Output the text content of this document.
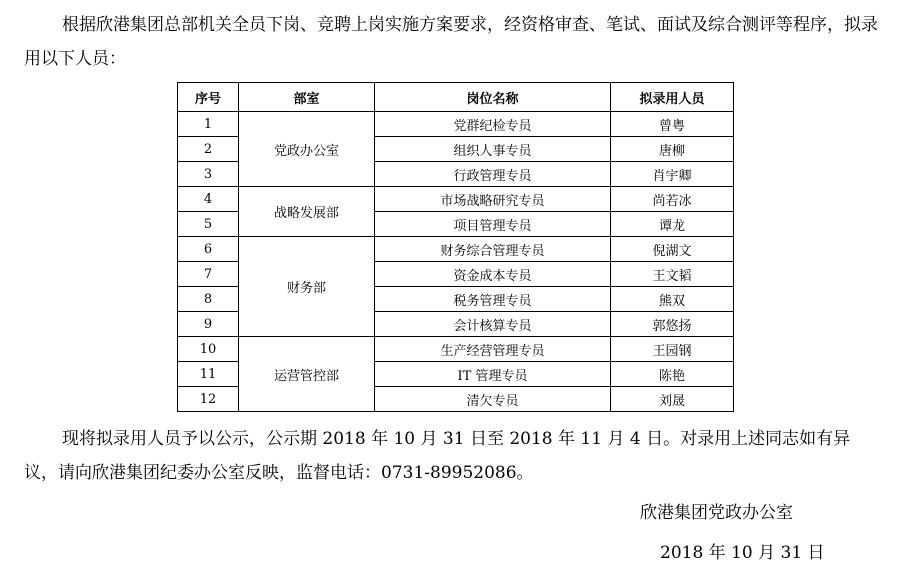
根据欣港集团总部机关全员下岗、竞聘上岗实施方案要求，经资格审查、笔试、面试及综合测评等程序，拟录用以下人员：

序号	部室	岗位名称	拟录用人员
1	党政办公室	党群纪检专员	曾粤
2		组织人事专员	唐柳
3		行政管理专员	肖宇卿
4	战略发展部	市场战略研究专员	尚若冰
5		项目管理专员	谭龙
6	财务部	财务综合管理专员	倪湖文
7		资金成本专员	王文韬
8		税务管理专员	熊双
9		会计核算专员	郭悠扬
10	运营管控部	生产经营管理专员	王园钢
11		IT 管理专员	陈艳
12		清欠专员	刘晟

现将拟录用人员予以公示，公示期 2018 年 10 月 31 日至 2018 年 11 月 4 日。对录用上述同志如有异议，请向欣港集团纪委办公室反映，监督电话：0731-89952086。

欣港集团党政办公室

2018 年 10 月 31 日
